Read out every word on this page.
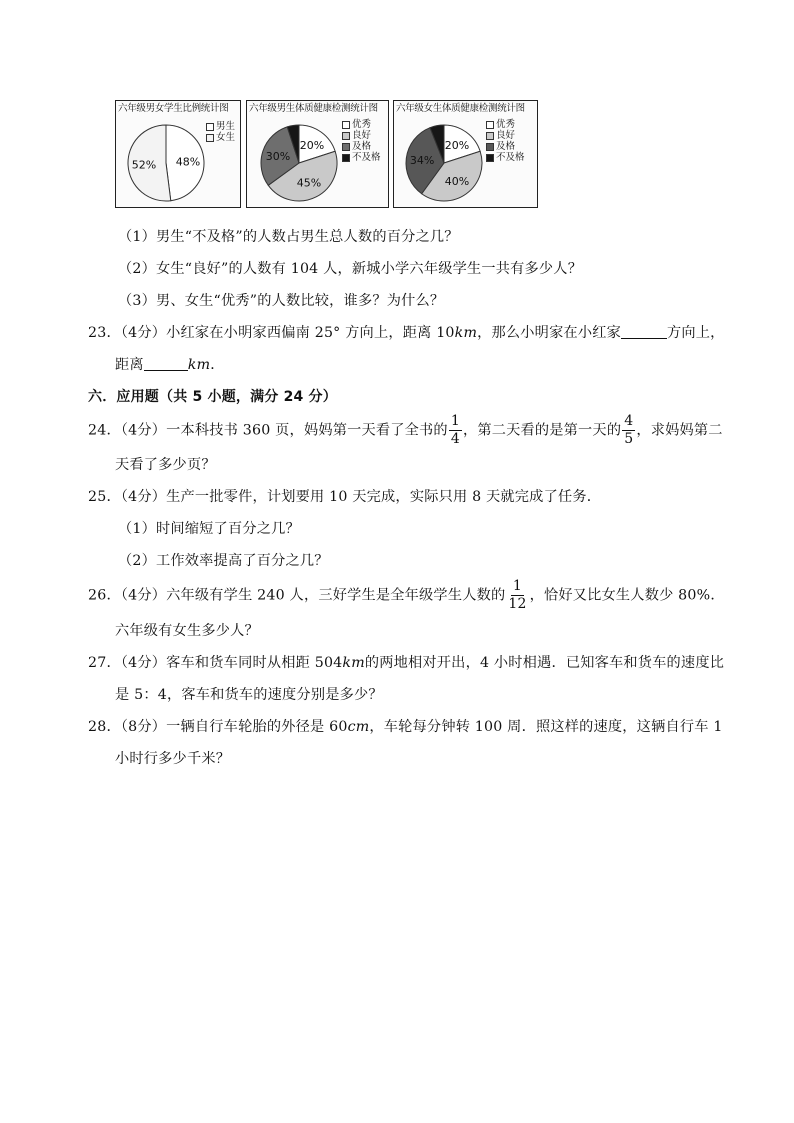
六年级男女学生比例统计图
48%
52%
男生
女生
六年级男生体质健康检测统计图
20%
45%
30%
优秀
良好
及格
不及格
六年级女生体质健康检测统计图
20%
40%
34%
优秀
良好
及格
不及格
（1）男生“不及格”的人数占男生总人数的百分之几？
（2）女生“良好”的人数有 104 人，新城小学六年级学生一共有多少人？
（3）男、女生“优秀”的人数比较，谁多？为什么？
23．（4分）小红家在小明家西偏南 25° 方向上，距离 10km，那么小明家在小红家	方向上，
距离	km．
六．应用题（共 5 小题，满分 24 分）
24．（4分）一本科技书 360 页，妈妈第一天看了全书的 $\frac{1}{4}$ ，第二天看的是第一天的 $\frac{4}{5}$ ，求妈妈第二
天看了多少页？
25．（4分）生产一批零件，计划要用 10 天完成，实际只用 8 天就完成了任务．
（1）时间缩短了百分之几？
（2）工作效率提高了百分之几？
26．（4分）六年级有学生 240 人，三好学生是全年级学生人数的 $\frac{1}{12}$ ，恰好又比女生人数少 80%．
六年级有女生多少人？
27．（4分）客车和货车同时从相距 504km的两地相对开出，4 小时相遇．已知客车和货车的速度比
是 5：4，客车和货车的速度分别是多少？
28．（8分）一辆自行车轮胎的外径是 60cm，车轮每分钟转 100 周．照这样的速度，这辆自行车 1
小时行多少千米？
